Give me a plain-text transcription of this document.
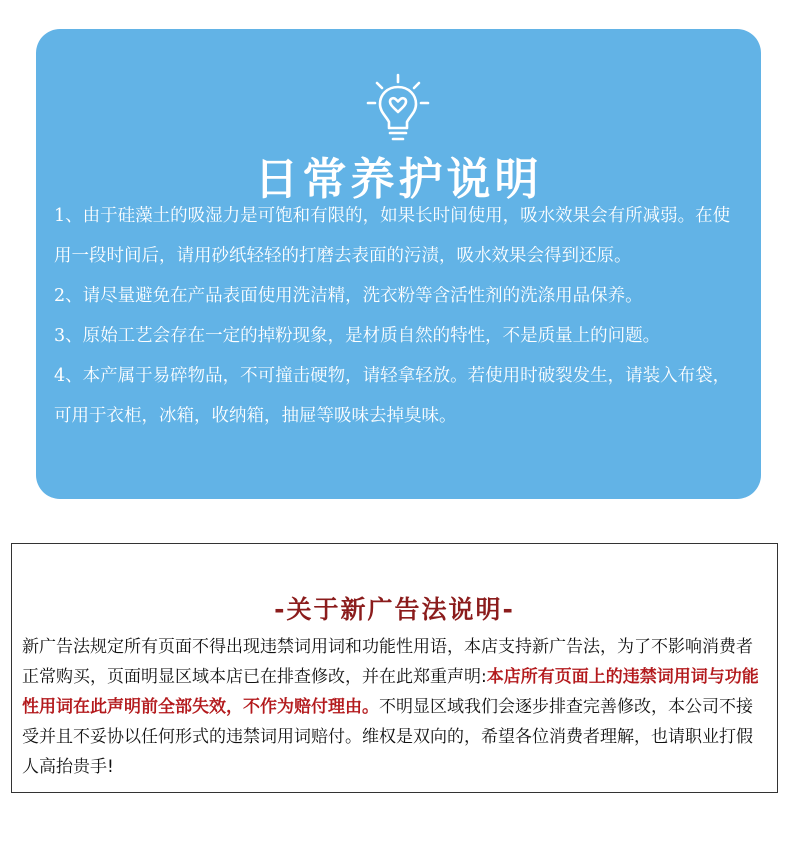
日常养护说明

1、由于硅藻土的吸湿力是可饱和有限的，如果长时间使用，吸水效果会有所减弱。在使用一段时间后，请用砂纸轻轻的打磨去表面的污渍，吸水效果会得到还原。

2、请尽量避免在产品表面使用洗洁精，洗衣粉等含活性剂的洗涤用品保养。

3、原始工艺会存在一定的掉粉现象，是材质自然的特性，不是质量上的问题。

4、本产属于易碎物品，不可撞击硬物，请轻拿轻放。若使用时破裂发生，请装入布袋，可用于衣柜，冰箱，收纳箱，抽屉等吸味去掉臭味。

-关于新广告法说明-

新广告法规定所有页面不得出现违禁词用词和功能性用语，本店支持新广告法，为了不影响消费者正常购买，页面明显区域本店已在排查修改，并在此郑重声明:本店所有页面上的违禁词用词与功能性用词在此声明前全部失效，不作为赔付理由。不明显区域我们会逐步排查完善修改，本公司不接受并且不妥协以任何形式的违禁词用词赔付。维权是双向的，希望各位消费者理解，也请职业打假人高抬贵手!
